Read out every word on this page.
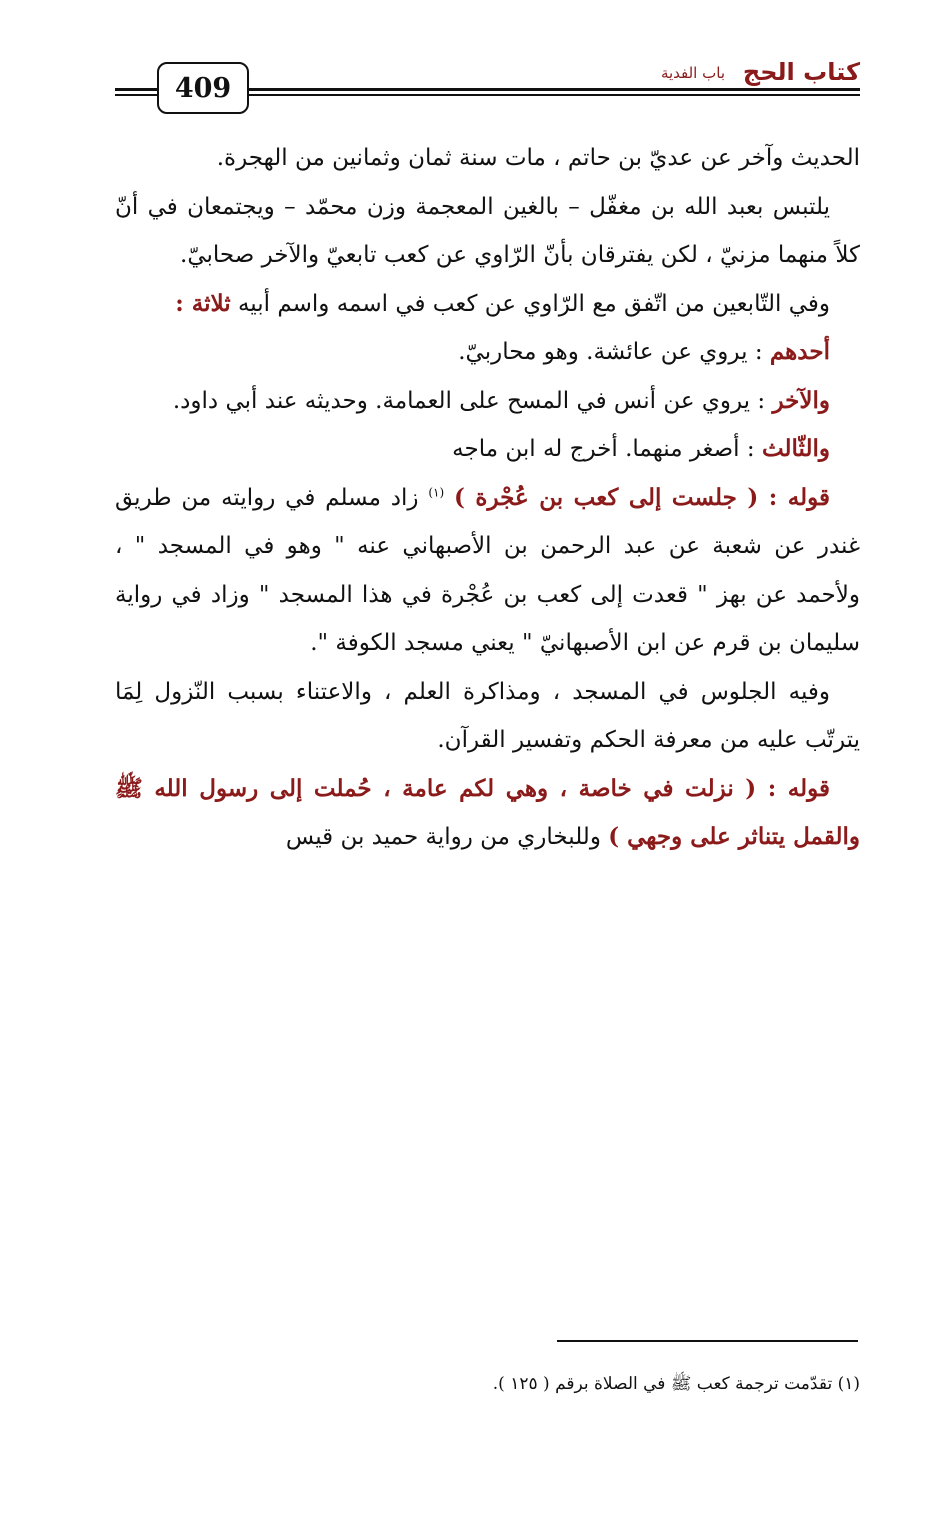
كتاب الحج
باب الفدية
409

الحديث وآخر عن عديّ بن حاتم ، مات سنة ثمان وثمانين من الهجرة.

يلتبس بعبد الله بن مغفّل – بالغين المعجمة وزن محمّد – ويجتمعان في أنّ كلاً منهما مزنيّ ، لكن يفترقان بأنّ الرّاوي عن كعب تابعيّ والآخر صحابيّ.

وفي التّابعين من اتّفق مع الرّاوي عن كعب في اسمه واسم أبيه ثلاثة :

أحدهم : يروي عن عائشة. وهو محاربيّ.

والآخر : يروي عن أنس في المسح على العمامة. وحديثه عند أبي داود.

والثّالث : أصغر منهما. أخرج له ابن ماجه

قوله : ( جلست إلى كعب بن عُجْرة ) $^{(١)}$ زاد مسلم في روايته من طريق غندر عن شعبة عن عبد الرحمن بن الأصبهاني عنه " وهو في المسجد " ، ولأحمد عن بهز " قعدت إلى كعب بن عُجْرة في هذا المسجد " وزاد في رواية سليمان بن قرم عن ابن الأصبهانيّ " يعني مسجد الكوفة ".

وفيه الجلوس في المسجد ، ومذاكرة العلم ، والاعتناء بسبب النّزول لِمَا يترتّب عليه من معرفة الحكم وتفسير القرآن.

قوله : ( نزلت في خاصة ، وهي لكم عامة ، حُملت إلى رسول الله ﷺ والقمل يتناثر على وجهي ) وللبخاري من رواية حميد بن قيس

(١) تقدّمت ترجمة كعب ﷺ في الصلاة برقم ( ١٢٥ ).
